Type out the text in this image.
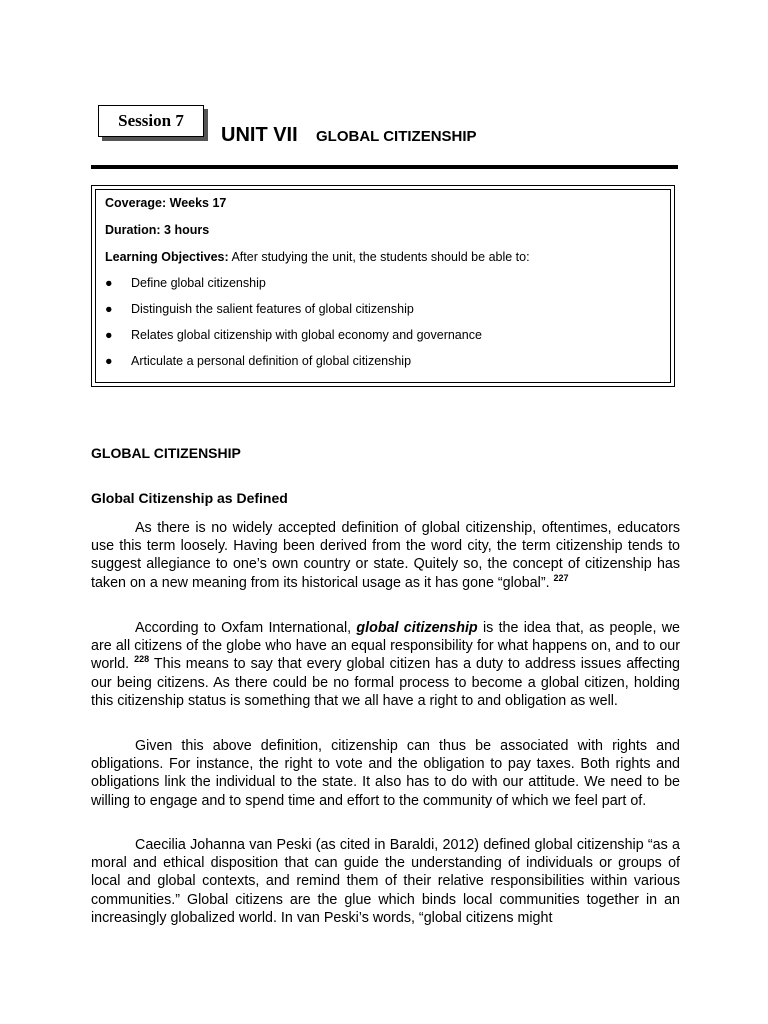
Session 7
UNIT VII GLOBAL CITIZENSHIP
Coverage: Weeks 17
Duration: 3 hours
Learning Objectives: After studying the unit, the students should be able to:
● Define global citizenship
● Distinguish the salient features of global citizenship
● Relates global citizenship with global economy and governance
● Articulate a personal definition of global citizenship
GLOBAL CITIZENSHIP
Global Citizenship as Defined
As there is no widely accepted definition of global citizenship, oftentimes, educators use this term loosely. Having been derived from the word city, the term citizenship tends to suggest allegiance to one’s own country or state. Quitely so, the concept of citizenship has taken on a new meaning from its historical usage as it has gone “global”. $^{227}$
According to Oxfam International, global citizenship is the idea that, as people, we are all citizens of the globe who have an equal responsibility for what happens on, and to our world. $^{228}$ This means to say that every global citizen has a duty to address issues affecting our being citizens. As there could be no formal process to become a global citizen, holding this citizenship status is something that we all have a right to and obligation as well.
Given this above definition, citizenship can thus be associated with rights and obligations. For instance, the right to vote and the obligation to pay taxes. Both rights and obligations link the individual to the state. It also has to do with our attitude. We need to be willing to engage and to spend time and effort to the community of which we feel part of.
Caecilia Johanna van Peski (as cited in Baraldi, 2012) defined global citizenship “as a moral and ethical disposition that can guide the understanding of individuals or groups of local and global contexts, and remind them of their relative responsibilities within various communities.” Global citizens are the glue which binds local communities together in an increasingly globalized world. In van Peski’s words, “global citizens might
